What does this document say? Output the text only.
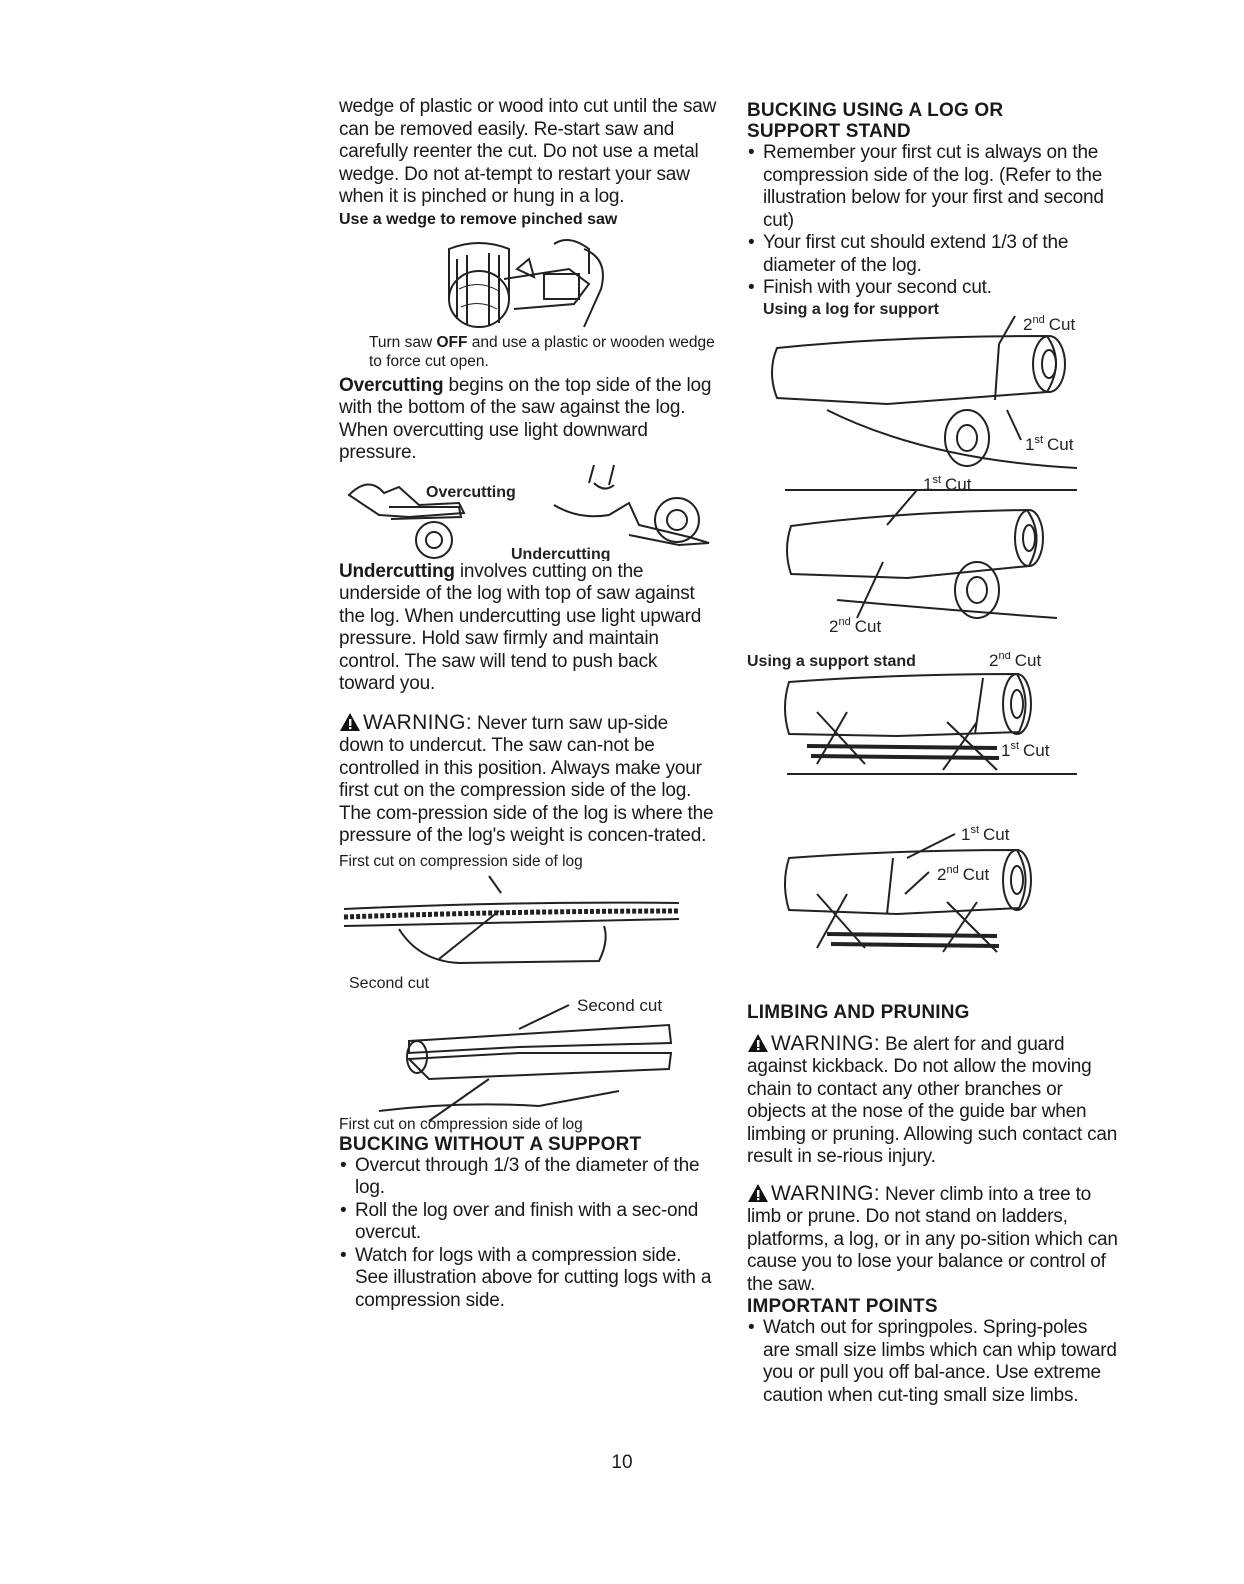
wedge of plastic or wood into cut until the saw can be removed easily. Re-start saw and carefully reenter the cut. Do not use a metal wedge. Do not at-tempt to restart your saw when it is pinched or hung in a log.

Use a wedge to remove pinched saw

Turn saw OFF and use a plastic or wooden wedge to force cut open.

Overcutting begins on the top side of the log with the bottom of the saw against the log. When overcutting use light downward pressure.

Overcutting
Undercutting

Undercutting involves cutting on the underside of the log with top of saw against the log. When undercutting use light upward pressure. Hold saw firmly and maintain control. The saw will tend to push back toward you.

WARNING: Never turn saw up-side down to undercut. The saw can-not be controlled in this position. Always make your first cut on the compression side of the log. The com-pression side of the log is where the pressure of the log's weight is concen-trated.

First cut on compression side of log

Second cut
Second cut

First cut on compression side of log

BUCKING WITHOUT A SUPPORT

• Overcut through 1/3 of the diameter of the log.
• Roll the log over and finish with a sec-ond overcut.
• Watch for logs with a compression side. See illustration above for cutting logs with a compression side.

BUCKING USING A LOG OR

SUPPORT STAND

• Remember your first cut is always on the compression side of the log. (Refer to the illustration below for your first and second cut)
• Your first cut should extend 1/3 of the diameter of the log.
• Finish with your second cut.
Using a log for support
2nd Cut
1st Cut
1st Cut
2nd Cut
Using a support stand	2nd Cut
1st Cut
1st Cut
2nd Cut

LIMBING AND PRUNING

WARNING: Be alert for and guard against kickback. Do not allow the moving chain to contact any other branches or objects at the nose of the guide bar when limbing or pruning. Allowing such contact can result in se-rious injury.

WARNING: Never climb into a tree to limb or prune. Do not stand on ladders, platforms, a log, or in any po-sition which can cause you to lose your balance or control of the saw.

IMPORTANT POINTS

• Watch out for springpoles. Spring-poles are small size limbs which can whip toward you or pull you off bal-ance. Use extreme caution when cut-ting small size limbs.
10
